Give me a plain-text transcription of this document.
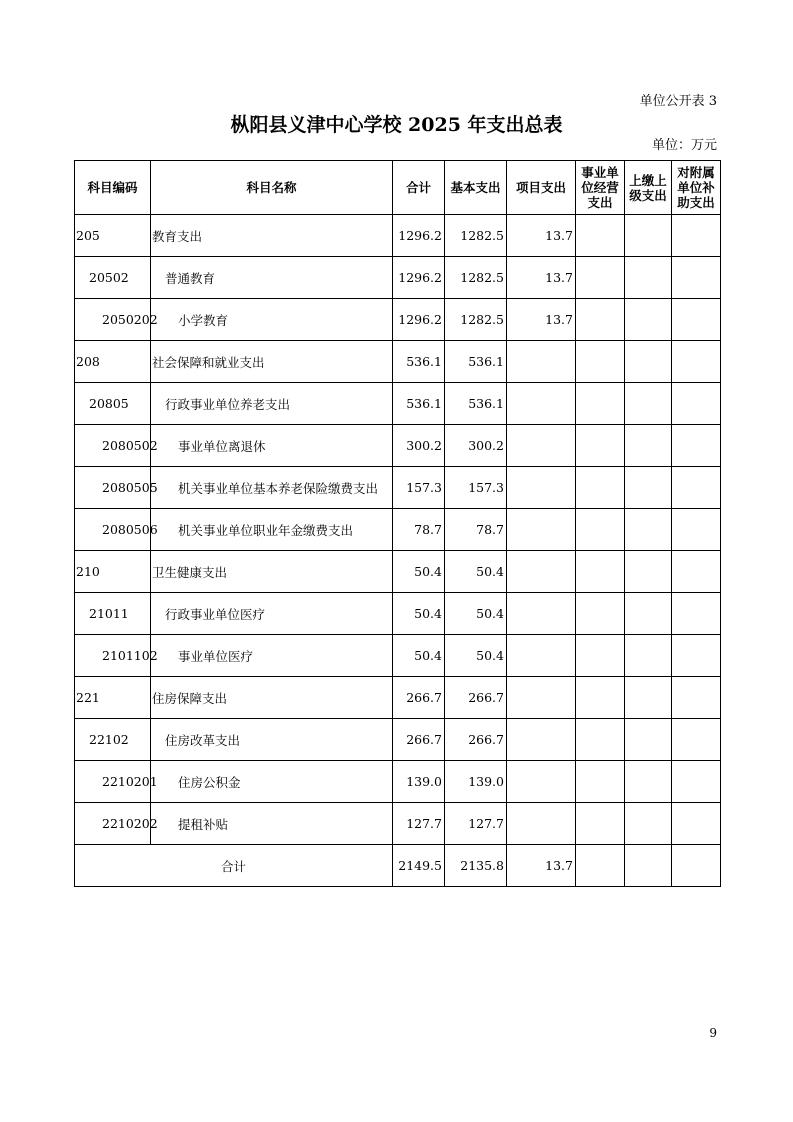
单位公开表 3
枞阳县义津中心学校 2025 年支出总表
单位：万元
科目编码	科目名称	合计	基本支出	项目支出	事业单位经营支出	上缴上级支出	对附属单位补助支出
205	教育支出	1296.2	1282.5	13.7			
20502	普通教育	1296.2	1282.5	13.7			
2050202	小学教育	1296.2	1282.5	13.7			
208	社会保障和就业支出	536.1	536.1				
20805	行政事业单位养老支出	536.1	536.1				
2080502	事业单位离退休	300.2	300.2				
2080505	机关事业单位基本养老保险缴费支出	157.3	157.3				
2080506	机关事业单位职业年金缴费支出	78.7	78.7				
210	卫生健康支出	50.4	50.4				
21011	行政事业单位医疗	50.4	50.4				
2101102	事业单位医疗	50.4	50.4				
221	住房保障支出	266.7	266.7				
22102	住房改革支出	266.7	266.7				
2210201	住房公积金	139.0	139.0				
2210202	提租补贴	127.7	127.7				
合计		2149.5	2135.8	13.7			
9
